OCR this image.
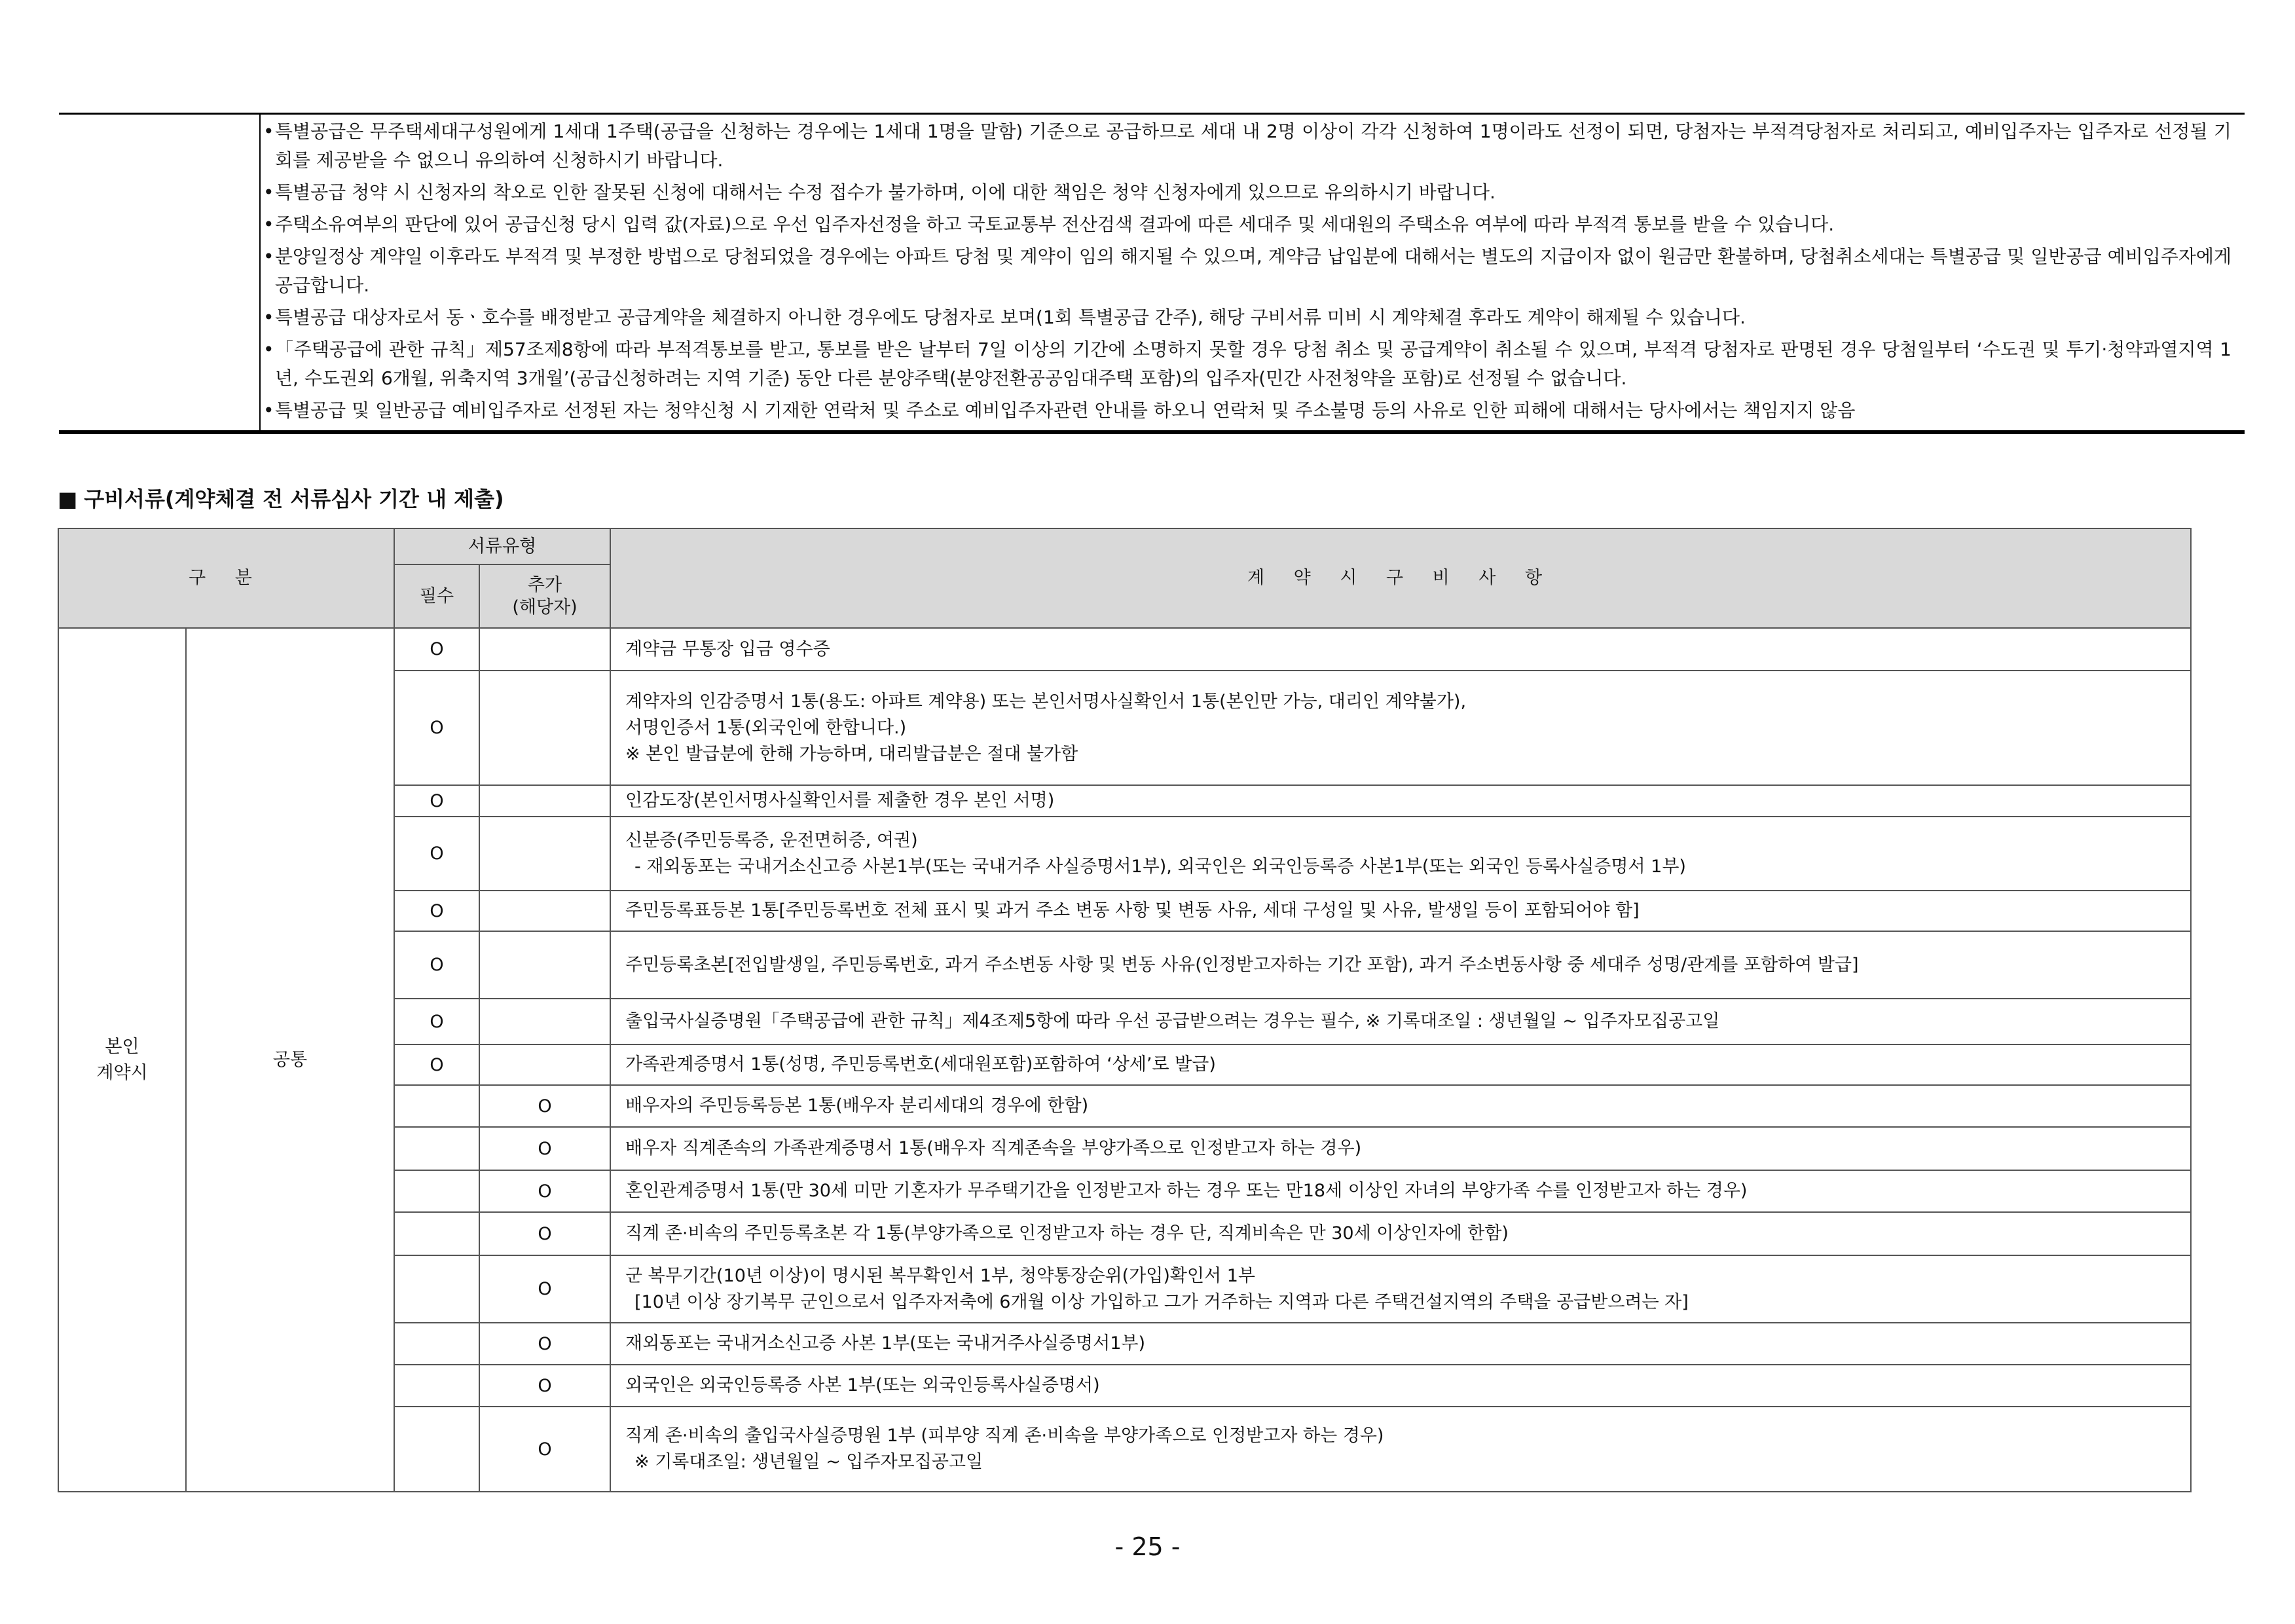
• 특별공급은 무주택세대구성원에게 1세대 1주택(공급을 신청하는 경우에는 1세대 1명을 말함) 기준으로 공급하므로 세대 내 2명 이상이 각각 신청하여 1명이라도 선정이 되면, 당첨자는 부적격당첨자로 처리되고, 예비입주자는 입주자로 선정될 기회를 제공받을 수 없으니 유의하여 신청하시기 바랍니다.
• 특별공급 청약 시 신청자의 착오로 인한 잘못된 신청에 대해서는 수정 접수가 불가하며, 이에 대한 책임은 청약 신청자에게 있으므로 유의하시기 바랍니다.
• 주택소유여부의 판단에 있어 공급신청 당시 입력 값(자료)으로 우선 입주자선정을 하고 국토교통부 전산검색 결과에 따른 세대주 및 세대원의 주택소유 여부에 따라 부적격 통보를 받을 수 있습니다.
• 분양일정상 계약일 이후라도 부적격 및 부정한 방법으로 당첨되었을 경우에는 아파트 당첨 및 계약이 임의 해지될 수 있으며, 계약금 납입분에 대해서는 별도의 지급이자 없이 원금만 환불하며, 당첨취소세대는 특별공급 및 일반공급 예비입주자에게 공급합니다.
• 특별공급 대상자로서 동ㆍ호수를 배정받고 공급계약을 체결하지 아니한 경우에도 당첨자로 보며(1회 특별공급 간주), 해당 구비서류 미비 시 계약체결 후라도 계약이 해제될 수 있습니다.
• 「주택공급에 관한 규칙」제57조제8항에 따라 부적격통보를 받고, 통보를 받은 날부터 7일 이상의 기간에 소명하지 못할 경우 당첨 취소 및 공급계약이 취소될 수 있으며, 부적격 당첨자로 판명된 경우 당첨일부터 ‘수도권 및 투기·청약과열지역 1년, 수도권외 6개월, 위축지역 3개월’(공급신청하려는 지역 기준) 동안 다른 분양주택(분양전환공공임대주택 포함)의 입주자(민간 사전청약을 포함)로 선정될 수 없습니다.
• 특별공급 및 일반공급 예비입주자로 선정된 자는 청약신청 시 기재한 연락처 및 주소로 예비입주자관련 안내를 하오니 연락처 및 주소불명 등의 사유로 인한 피해에 대해서는 당사에서는 책임지지 않음
■ 구비서류(계약체결 전 서류심사 기간 내 제출)
구 분		서류유형		계 약 시 구 비 사 항
		필수	추가
(해당자)	
본인
계약시	공통	O		계약금 무통장 입금 영수증

		O		계약자의 인감증명서 1통(용도: 아파트 계약용) 또는 본인서명사실확인서 1통(본인만 가능, 대리인 계약불가),
서명인증서 1통(외국인에 한합니다.)
※ 본인 발급분에 한해 가능하며, 대리발급분은 절대 불가함

		O		인감도장(본인서명사실확인서를 제출한 경우 본인 서명)

		O		신분증(주민등록증, 운전면허증, 여권)
- 재외동포는 국내거소신고증 사본1부(또는 국내거주 사실증명서1부), 외국인은 외국인등록증 사본1부(또는 외국인 등록사실증명서 1부)

		O		주민등록표등본 1통[주민등록번호 전체 표시 및 과거 주소 변동 사항 및 변동 사유, 세대 구성일 및 사유, 발생일 등이 포함되어야 함]

		O		주민등록초본[전입발생일, 주민등록번호, 과거 주소변동 사항 및 변동 사유(인정받고자하는 기간 포함), 과거 주소변동사항 중 세대주 성명/관계를 포함하여 발급]

		O		출입국사실증명원「주택공급에 관한 규칙」제4조제5항에 따라 우선 공급받으려는 경우는 필수, ※ 기록대조일 : 생년월일 ~ 입주자모집공고일

		O		가족관계증명서 1통(성명, 주민등록번호(세대원포함)포함하여 ‘상세’로 발급)

			O	배우자의 주민등록등본 1통(배우자 분리세대의 경우에 한함)

			O	배우자 직계존속의 가족관계증명서 1통(배우자 직계존속을 부양가족으로 인정받고자 하는 경우)

			O	혼인관계증명서 1통(만 30세 미만 기혼자가 무주택기간을 인정받고자 하는 경우 또는 만18세 이상인 자녀의 부양가족 수를 인정받고자 하는 경우)

			O	직계 존·비속의 주민등록초본 각 1통(부양가족으로 인정받고자 하는 경우 단, 직계비속은 만 30세 이상인자에 한함)

			O	군 복무기간(10년 이상)이 명시된 복무확인서 1부, 청약통장순위(가입)확인서 1부
[10년 이상 장기복무 군인으로서 입주자저축에 6개월 이상 가입하고 그가 거주하는 지역과 다른 주택건설지역의 주택을 공급받으려는 자]

			O	재외동포는 국내거소신고증 사본 1부(또는 국내거주사실증명서1부)

			O	외국인은 외국인등록증 사본 1부(또는 외국인등록사실증명서)

			O	직계 존·비속의 출입국사실증명원 1부 (피부양 직계 존·비속을 부양가족으로 인정받고자 하는 경우)
※ 기록대조일: 생년월일 ~ 입주자모집공고일
- 25 -
